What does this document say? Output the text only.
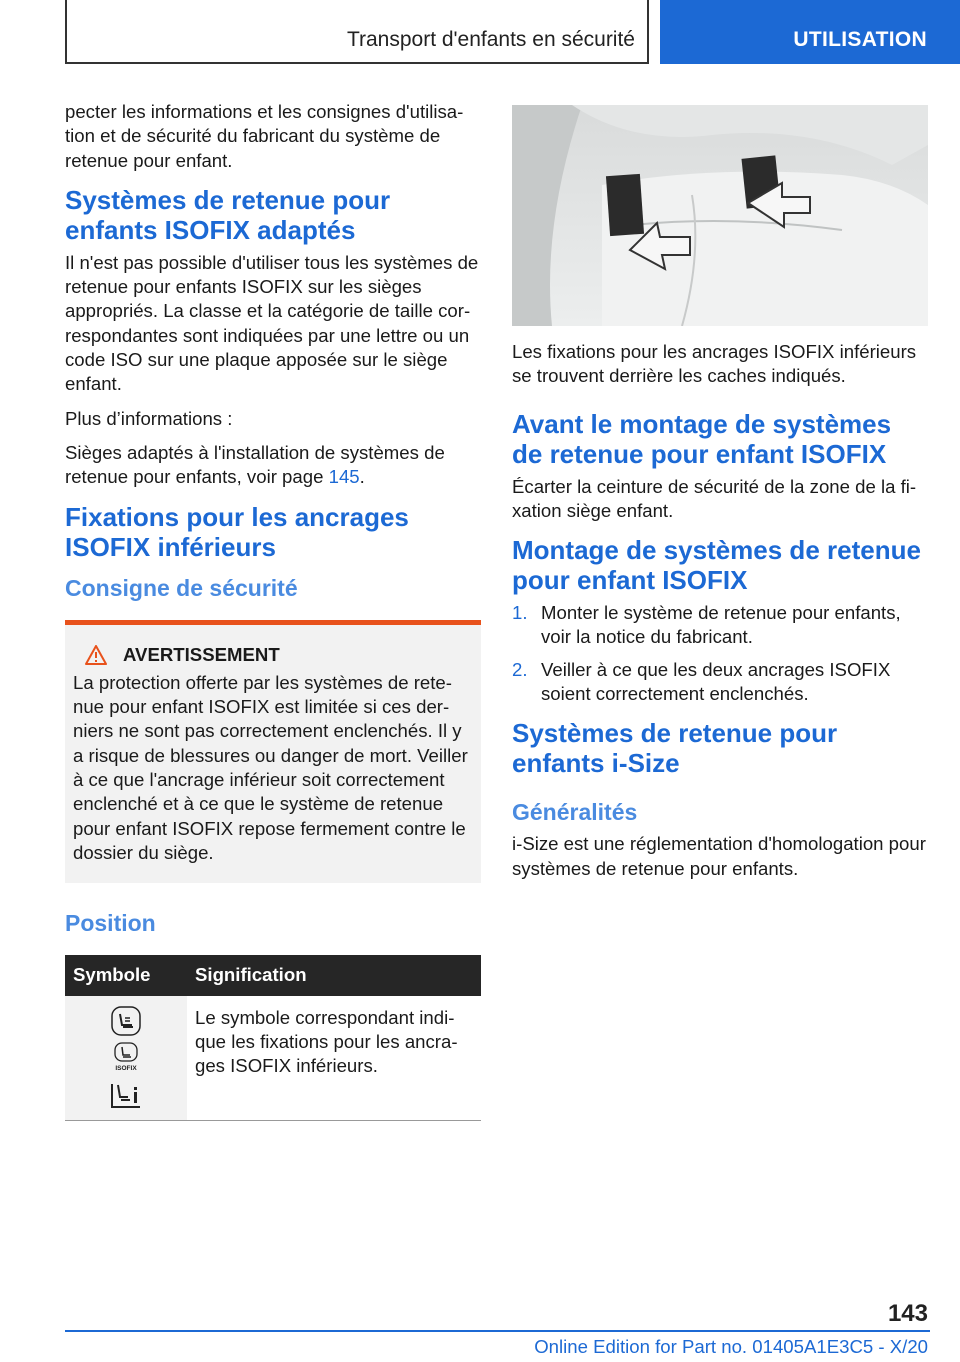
Transport d'enfants en sécurité	UTILISATION

pecter les informations et les consignes d'utilisa-tion et de sécurité du fabricant du système de retenue pour enfant.

Systèmes de retenue pour enfants ISOFIX adaptés

Il n'est pas possible d'utiliser tous les systèmes de retenue pour enfants ISOFIX sur les sièges appropriés. La classe et la catégorie de taille cor-respondantes sont indiquées par une lettre ou un code ISO sur une plaque apposée sur le siège enfant.

Plus d’informations :

Sièges adaptés à l'installation de systèmes de retenue pour enfants, voir page 145.

Fixations pour les ancrages ISOFIX inférieurs
Consigne de sécurité
AVERTISSEMENT
La protection offerte par les systèmes de rete-nue pour enfant ISOFIX est limitée si ces der-niers ne sont pas correctement enclenchés. Il y a risque de blessures ou danger de mort. Veiller à ce que l'ancrage inférieur soit correctement enclenché et à ce que le système de retenue pour enfant ISOFIX repose fermement contre le dossier du siège.
Position
Symbole	Signification

ISOFIX	Le symbole correspondant indi-que les fixations pour les ancra-ges ISOFIX inférieurs.

Les fixations pour les ancrages ISOFIX inférieurs se trouvent derrière les caches indiqués.

Avant le montage de systèmes de retenue pour enfant ISOFIX

Écarter la ceinture de sécurité de la zone de la fi-xation siège enfant.

Montage de systèmes de retenue pour enfant ISOFIX
1. Monter le système de retenue pour enfants, voir la notice du fabricant.
2. Veiller à ce que les deux ancrages ISOFIX soient correctement enclenchés.
Systèmes de retenue pour enfants i-Size
Généralités

i-Size est une réglementation d'homologation pour systèmes de retenue pour enfants.

143
Online Edition for Part no. 01405A1E3C5 - X/20
